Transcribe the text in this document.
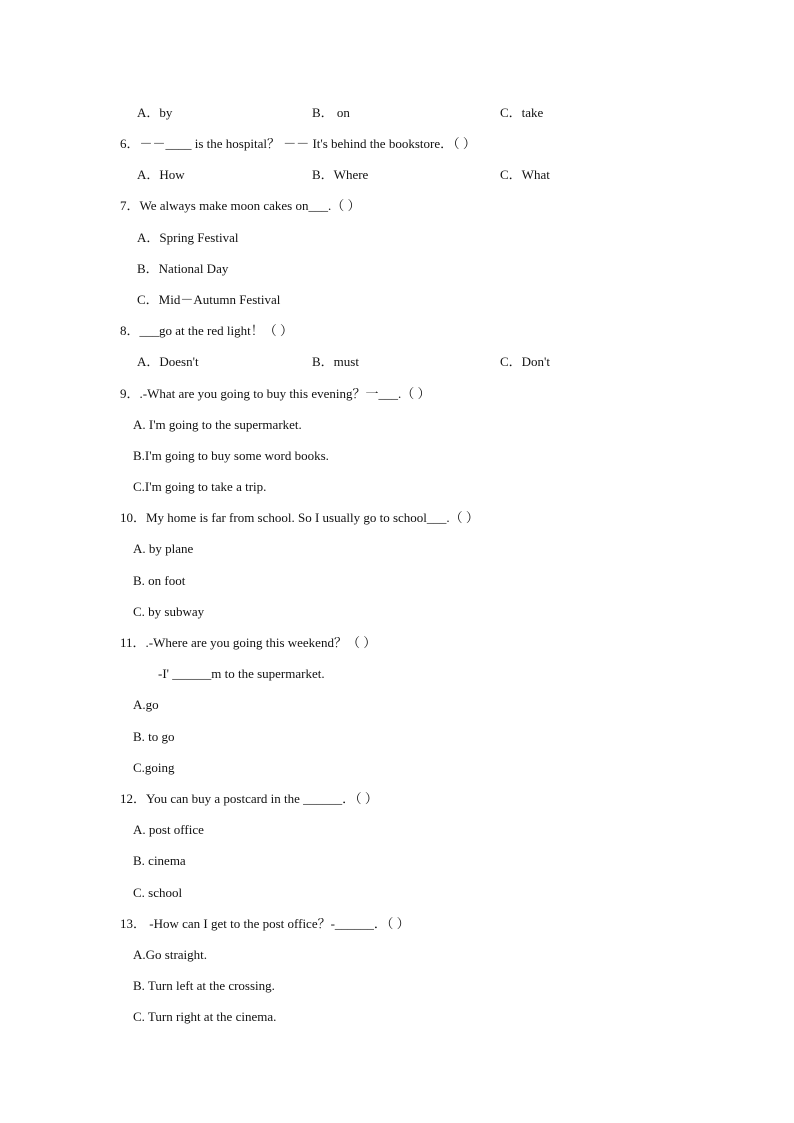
A．by	B． on	C．take
6．－－____ is the hospital？ －－ It's behind the bookstore．（ ）
A．How	B．Where	C．What
7．We always make moon cakes on___.（ ）
A．Spring Festival
B．National Day
C．Mid－Autumn Festival
8．___go at the red light！（ ）
A．Doesn't	B．must	C．Don't
9．.-What are you going to buy this evening？一___.（ ）
A. I'm going to the supermarket.
B.I'm going to buy some word books.
C.I'm going to take a trip.
10．My home is far from school. So I usually go to school___.（ ）
A. by plane
B. on foot
C. by subway
11．.-Where are you going this weekend？（ ）
-I' ______m to the supermarket.
A.go
B. to go
C.going
12．You can buy a postcard in the ______．（ ）
A. post office
B. cinema
C. school
13． -How can I get to the post office？-______．（ ）
A.Go straight.
B. Turn left at the crossing.
C. Turn right at the cinema.
